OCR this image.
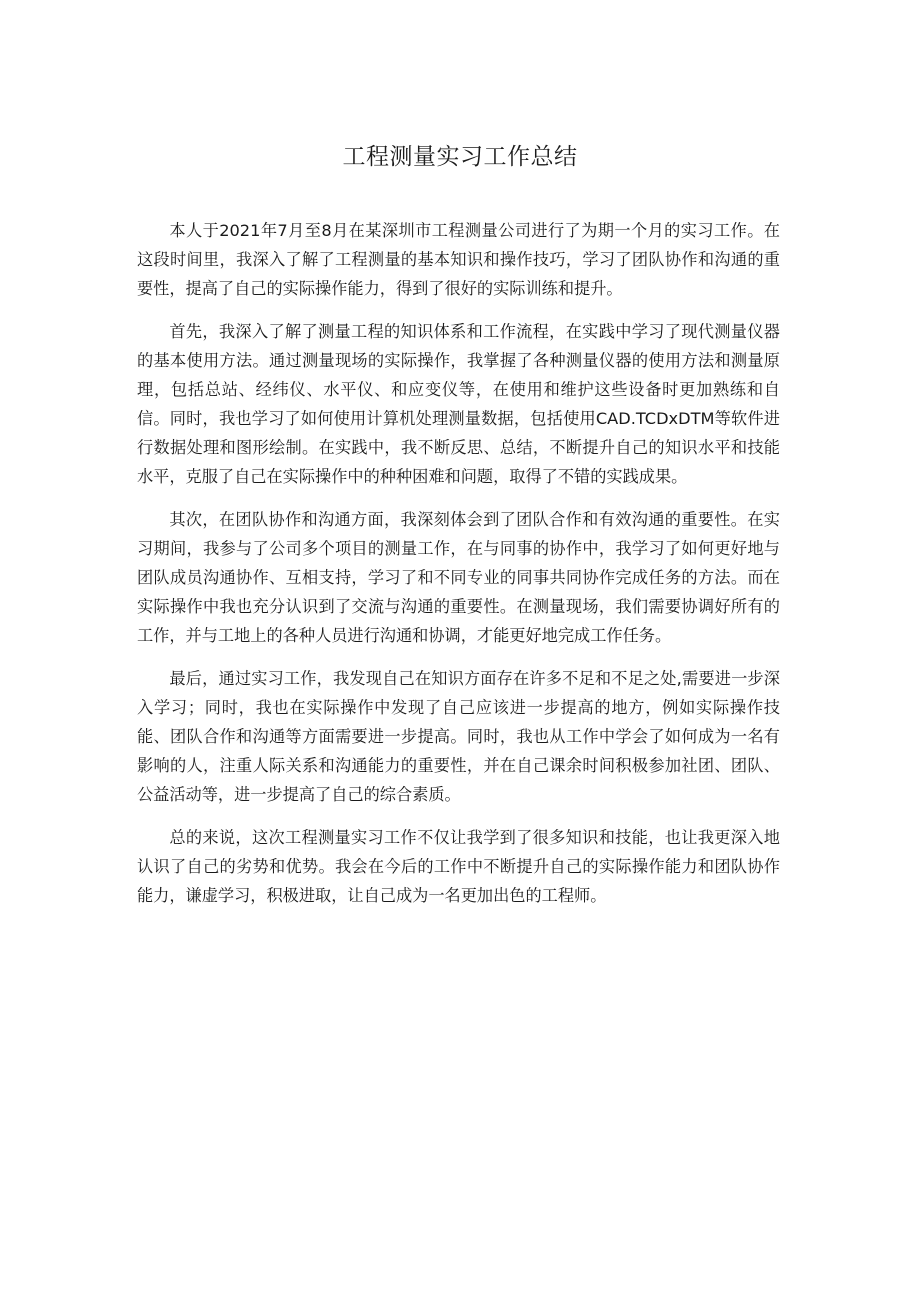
工程测量实习工作总结

本人于2021年7月至8月在某深圳市工程测量公司进行了为期一个月的实习工作。在这段时间里，我深入了解了工程测量的基本知识和操作技巧，学习了团队协作和沟通的重要性，提高了自己的实际操作能力，得到了很好的实际训练和提升。

首先，我深入了解了测量工程的知识体系和工作流程，在实践中学习了现代测量仪器的基本使用方法。通过测量现场的实际操作，我掌握了各种测量仪器的使用方法和测量原理，包括总站、经纬仪、水平仪、和应变仪等，在使用和维护这些设备时更加熟练和自信。同时，我也学习了如何使用计算机处理测量数据，包括使用CAD.TCDxDTM等软件进行数据处理和图形绘制。在实践中，我不断反思、总结，不断提升自己的知识水平和技能水平，克服了自己在实际操作中的种种困难和问题，取得了不错的实践成果。

其次，在团队协作和沟通方面，我深刻体会到了团队合作和有效沟通的重要性。在实习期间，我参与了公司多个项目的测量工作，在与同事的协作中，我学习了如何更好地与团队成员沟通协作、互相支持，学习了和不同专业的同事共同协作完成任务的方法。而在实际操作中我也充分认识到了交流与沟通的重要性。在测量现场，我们需要协调好所有的工作，并与工地上的各种人员进行沟通和协调，才能更好地完成工作任务。

最后，通过实习工作，我发现自己在知识方面存在许多不足和不足之处,需要进一步深入学习；同时，我也在实际操作中发现了自己应该进一步提高的地方，例如实际操作技能、团队合作和沟通等方面需要进一步提高。同时，我也从工作中学会了如何成为一名有影响的人，注重人际关系和沟通能力的重要性，并在自己课余时间积极参加社团、团队、公益活动等，进一步提高了自己的综合素质。

总的来说，这次工程测量实习工作不仅让我学到了很多知识和技能，也让我更深入地认识了自己的劣势和优势。我会在今后的工作中不断提升自己的实际操作能力和团队协作能力，谦虚学习，积极进取，让自己成为一名更加出色的工程师。
